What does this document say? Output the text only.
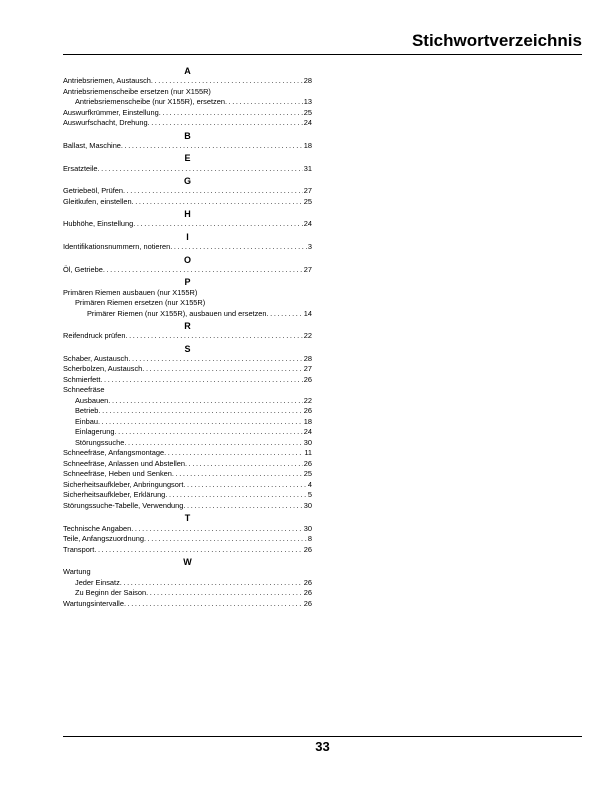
Stichwortverzeichnis
A
Antriebsriemen, Austausch .....	28
Antriebsriemenscheibe ersetzen (nur X155R)
Antriebsriemenscheibe (nur X155R), ersetzen .....	13
Auswurfkrümmer, Einstellung .....	25
Auswurfschacht, Drehung .....	24
B
Ballast, Maschine .....	18
E
Ersatzteile .....	31
G
Getriebeöl, Prüfen .....	27
Gleitkufen, einstellen .....	25
H
Hubhöhe, Einstellung .....	24
I
Identifikationsnummern, notieren .....	3
O
Öl, Getriebe .....	27
P
Primären Riemen ausbauen (nur X155R)
Primären Riemen ersetzen (nur X155R)
Primärer Riemen (nur X155R), ausbauen und ersetzen .....	14
R
Reifendruck prüfen .....	22
S
Schaber, Austausch .....	28
Scherbolzen, Austausch .....	27
Schmierfett .....	26
Schneefräse
Ausbauen .....	22
Betrieb .....	26
Einbau .....	18
Einlagerung .....	24
Störungssuche .....	30
Schneefräse, Anfangsmontage .....	11
Schneefräse, Anlassen und Abstellen .....	26
Schneefräse, Heben und Senken .....	25
Sicherheitsaufkleber, Anbringungsort .....	4
Sicherheitsaufkleber, Erklärung .....	5
Störungssuche-Tabelle, Verwendung .....	30
T
Technische Angaben .....	30
Teile, Anfangszuordnung .....	8
Transport .....	26
W
Wartung
Jeder Einsatz .....	26
Zu Beginn der Saison .....	26
Wartungsintervalle .....	26
33
